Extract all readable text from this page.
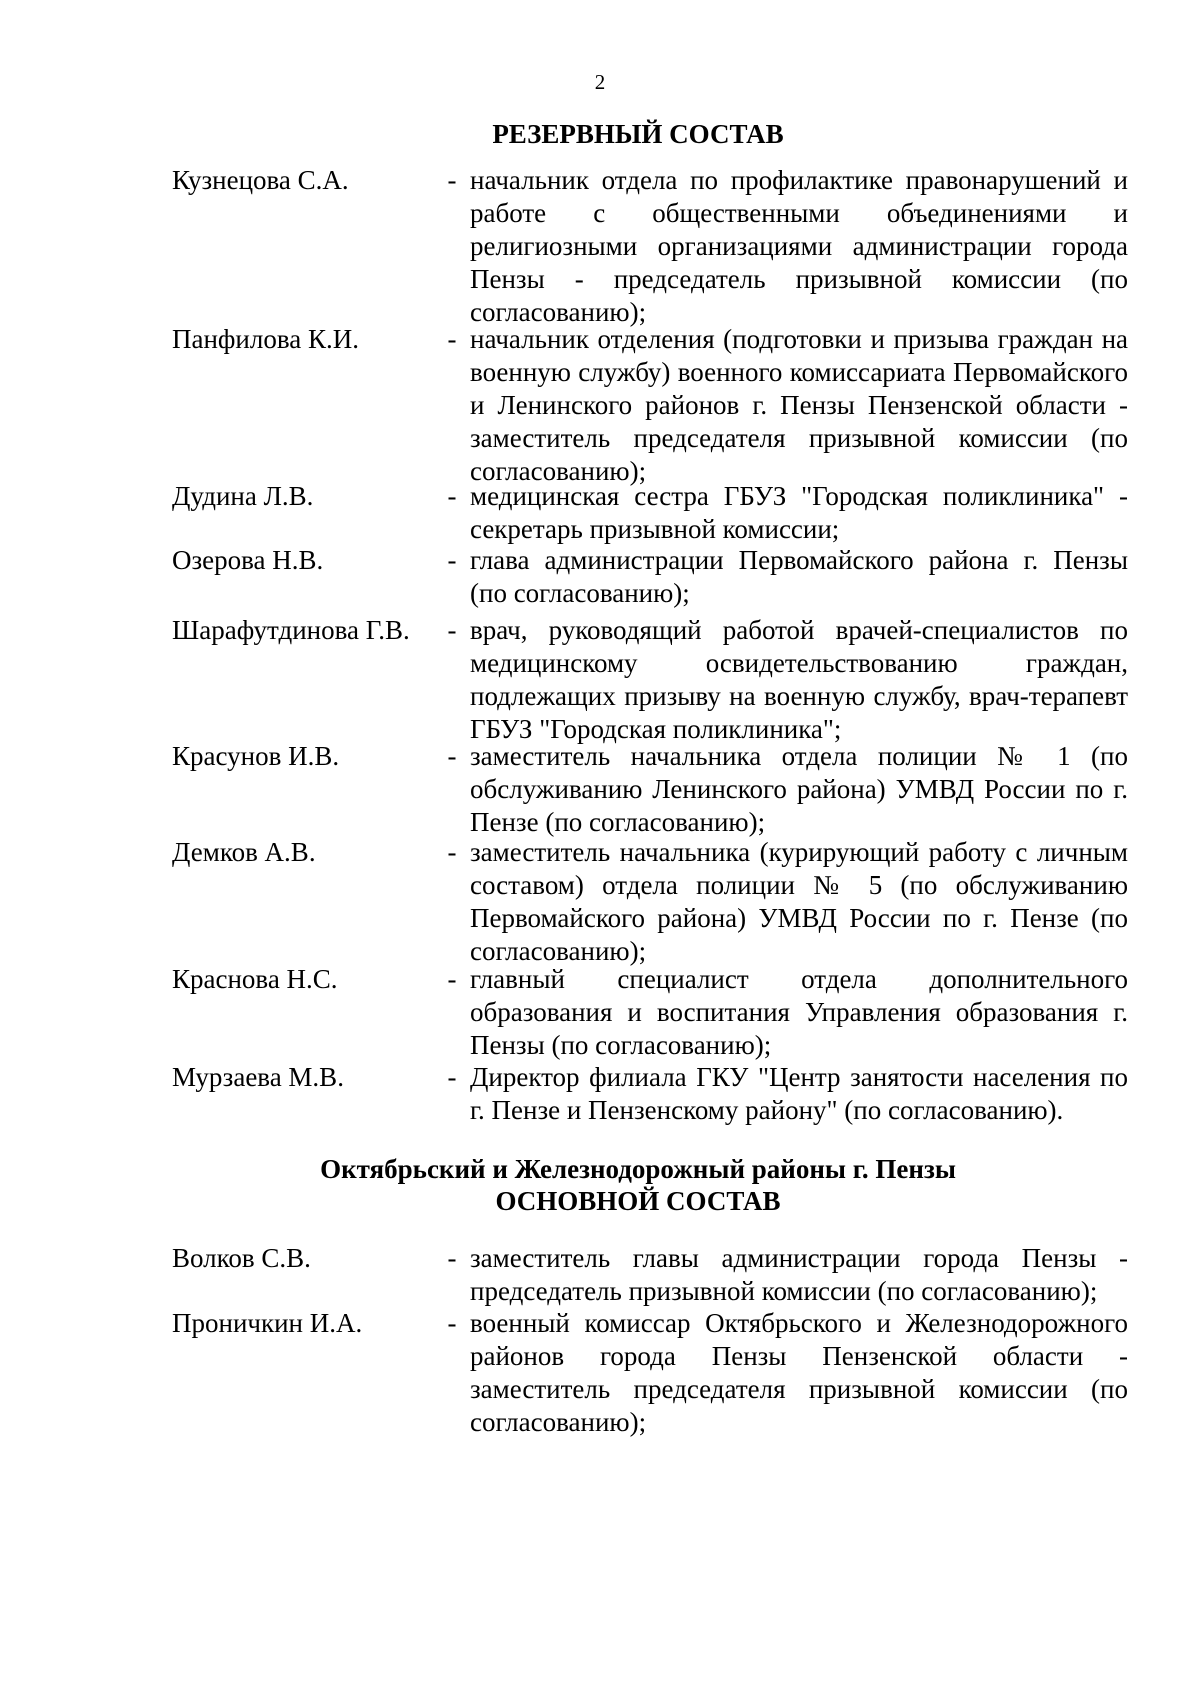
2
РЕЗЕРВНЫЙ СОСТАВ
Кузнецова С.А.	- начальник отдела по профилактике правонарушений и работе с общественными объединениями и религиозными организациями администрации города Пензы - председатель призывной комиссии (по согласованию);
Панфилова К.И.	- начальник отделения (подготовки и призыва граждан на военную службу) военного комиссариата Первомайского и Ленинского районов г. Пензы Пензенской области - заместитель председателя призывной комиссии (по согласованию);
Дудина Л.В.	- медицинская сестра ГБУЗ "Городская поликлиника" - секретарь призывной комиссии;
Озерова Н.В.	- глава администрации Первомайского района г. Пензы (по согласованию);
Шарафутдинова Г.В.	- врач, руководящий работой врачей-специалистов по медицинскому освидетельствованию граждан, подлежащих призыву на военную службу, врач-терапевт ГБУЗ "Городская поликлиника";
Красунов И.В.	- заместитель начальника отдела полиции № 1 (по обслуживанию Ленинского района) УМВД России по г. Пензе (по согласованию);
Демков А.В.	- заместитель начальника (курирующий работу с личным составом) отдела полиции № 5 (по обслуживанию Первомайского района) УМВД России по г. Пензе (по согласованию);
Краснова Н.С.	- главный специалист отдела дополнительного образования и воспитания Управления образования г. Пензы (по согласованию);
Мурзаева М.В.	- Директор филиала ГКУ "Центр занятости населения по г. Пензе и Пензенскому району" (по согласованию).
Октябрьский и Железнодорожный районы г. Пензы
ОСНОВНОЙ СОСТАВ
Волков С.В.	- заместитель главы администрации города Пензы - председатель призывной комиссии (по согласованию);
Проничкин И.А.	- военный комиссар Октябрьского и Железнодорожного районов города Пензы Пензенской области - заместитель председателя призывной комиссии (по согласованию);
